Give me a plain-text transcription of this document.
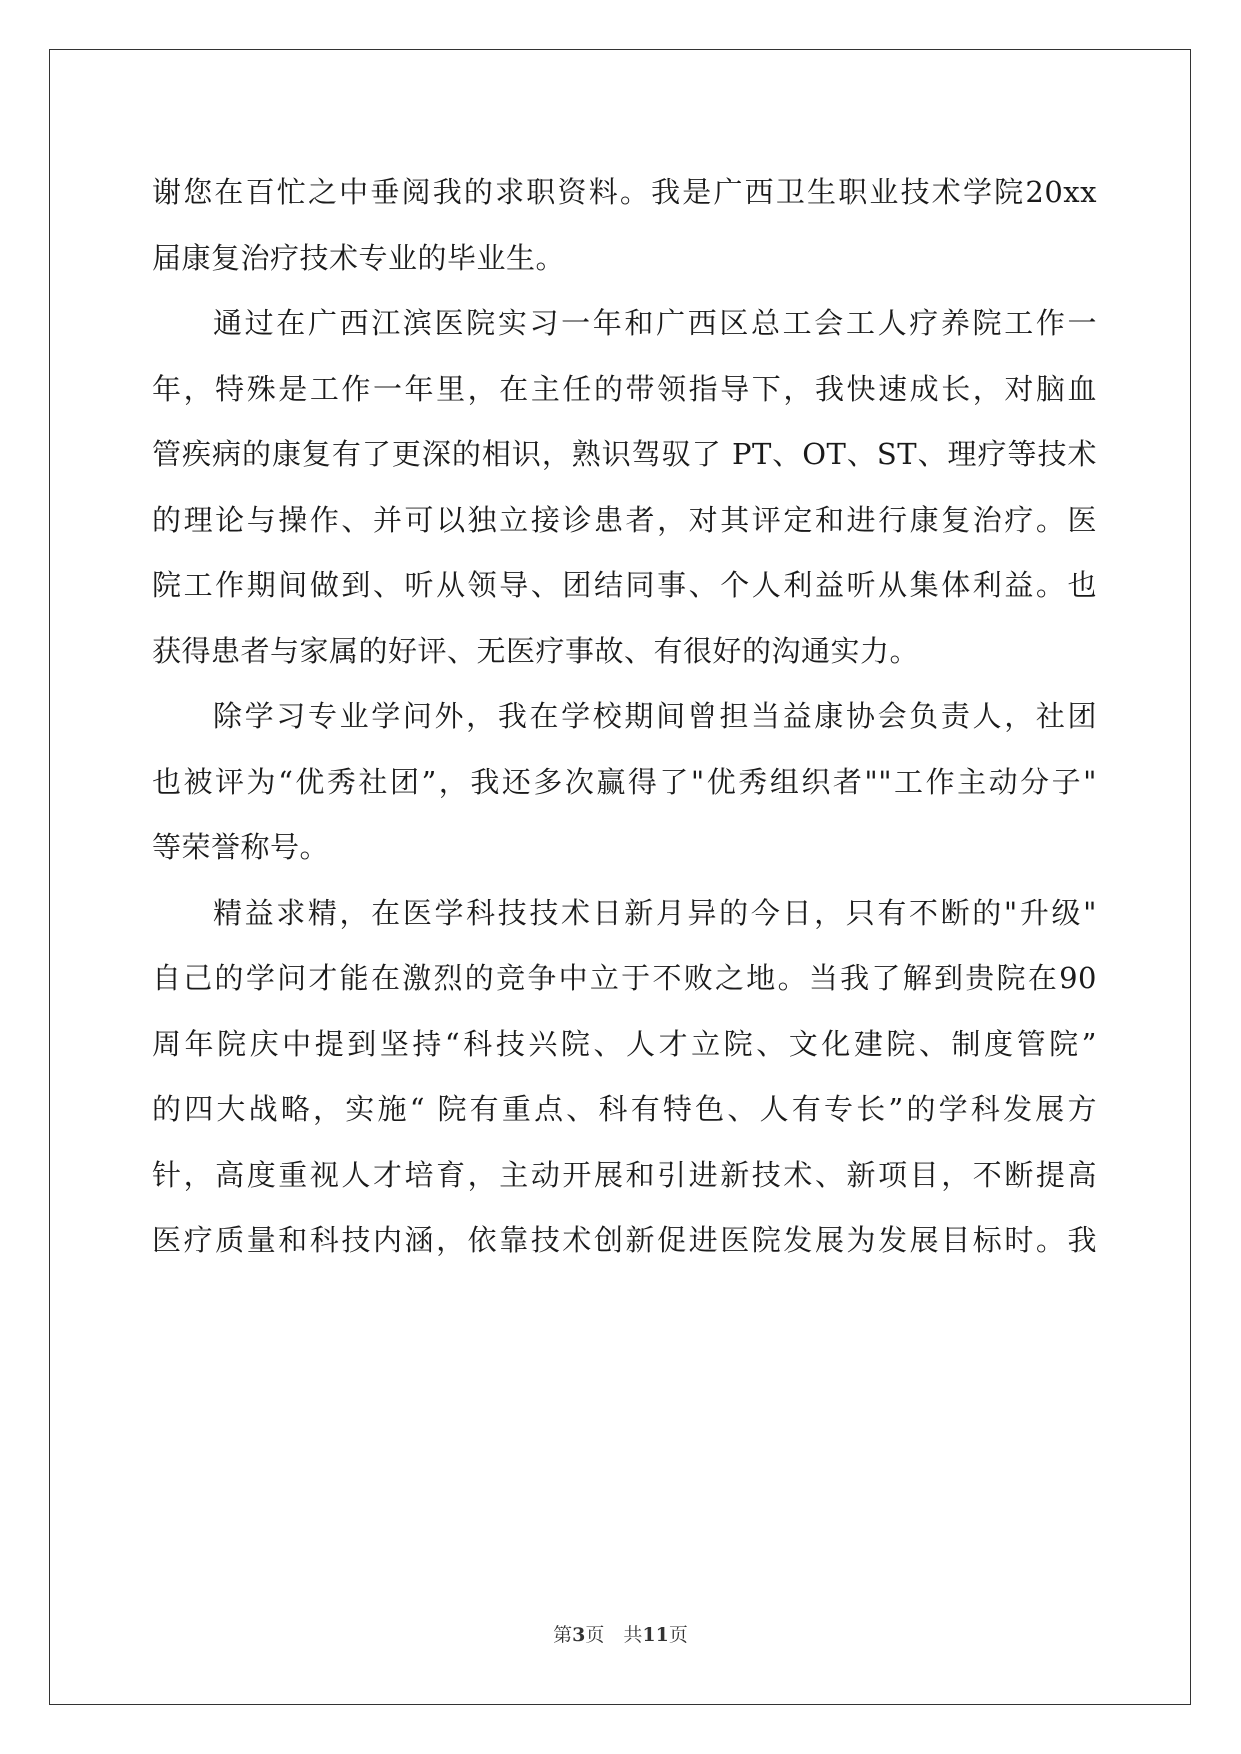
谢您在百忙之中垂阅我的求职资料。我是广西卫生职业技术学院20xx
届康复治疗技术专业的毕业生。
通过在广西江滨医院实习一年和广西区总工会工人疗养院工作一
年，特殊是工作一年里，在主任的带领指导下，我快速成长，对脑血
管疾病的康复有了更深的相识，熟识驾驭了 PT、OT、ST、理疗等技术
的理论与操作、并可以独立接诊患者，对其评定和进行康复治疗。医
院工作期间做到、听从领导、团结同事、个人利益听从集体利益。也
获得患者与家属的好评、无医疗事故、有很好的沟通实力。
除学习专业学问外，我在学校期间曾担当益康协会负责人，社团
也被评为“优秀社团”，我还多次赢得了"优秀组织者""工作主动分子"
等荣誉称号。
精益求精，在医学科技技术日新月异的今日，只有不断的"升级"
自己的学问才能在激烈的竞争中立于不败之地。当我了解到贵院在90
周年院庆中提到坚持“科技兴院、人才立院、文化建院、制度管院”
的四大战略，实施“ 院有重点、科有特色、人有专长”的学科发展方
针，高度重视人才培育，主动开展和引进新技术、新项目，不断提高
医疗质量和科技内涵，依靠技术创新促进医院发展为发展目标时。我
第3页　共11页
